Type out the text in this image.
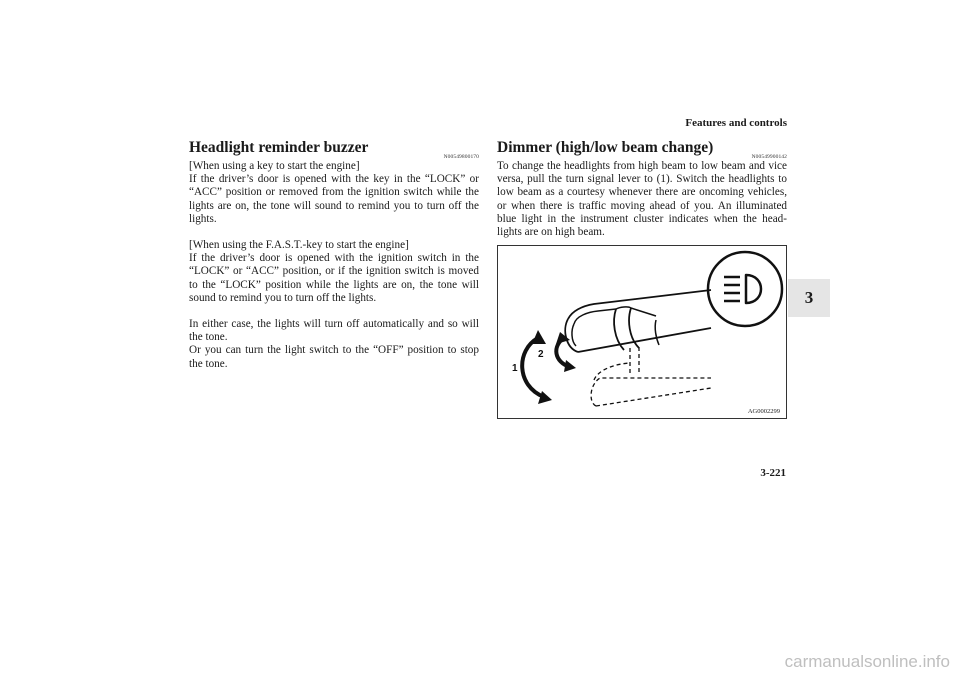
Features and controls
3
Headlight reminder buzzer
N00549800170

[When using a key to start the engine]

If the driver’s door is opened with the key in the “LOCK” or “ACC” position or removed from the ignition switch while the lights are on, the tone will sound to remind you to turn off the lights.

[When using the F.A.S.T.-key to start the engine]

If the driver’s door is opened with the ignition switch in the “LOCK” or “ACC” position, or if the ignition switch is moved to the “LOCK” position while the lights are on, the tone will sound to remind you to turn off the lights.

In either case, the lights will turn off automatically and so will the tone.

Or you can turn the light switch to the “OFF” position to stop the tone.

Dimmer (high/low beam change)
N00549900142

To change the headlights from high beam to low beam and vice versa, pull the turn signal lever to (1). Switch the headlights to low beam as a courtesy whenever there are oncoming vehicles, or when there is traffic moving ahead of you. An illuminated blue light in the instrument cluster indicates when the head-lights are on high beam.

1
2
AG0002299
3-221
carmanualsonline.info
